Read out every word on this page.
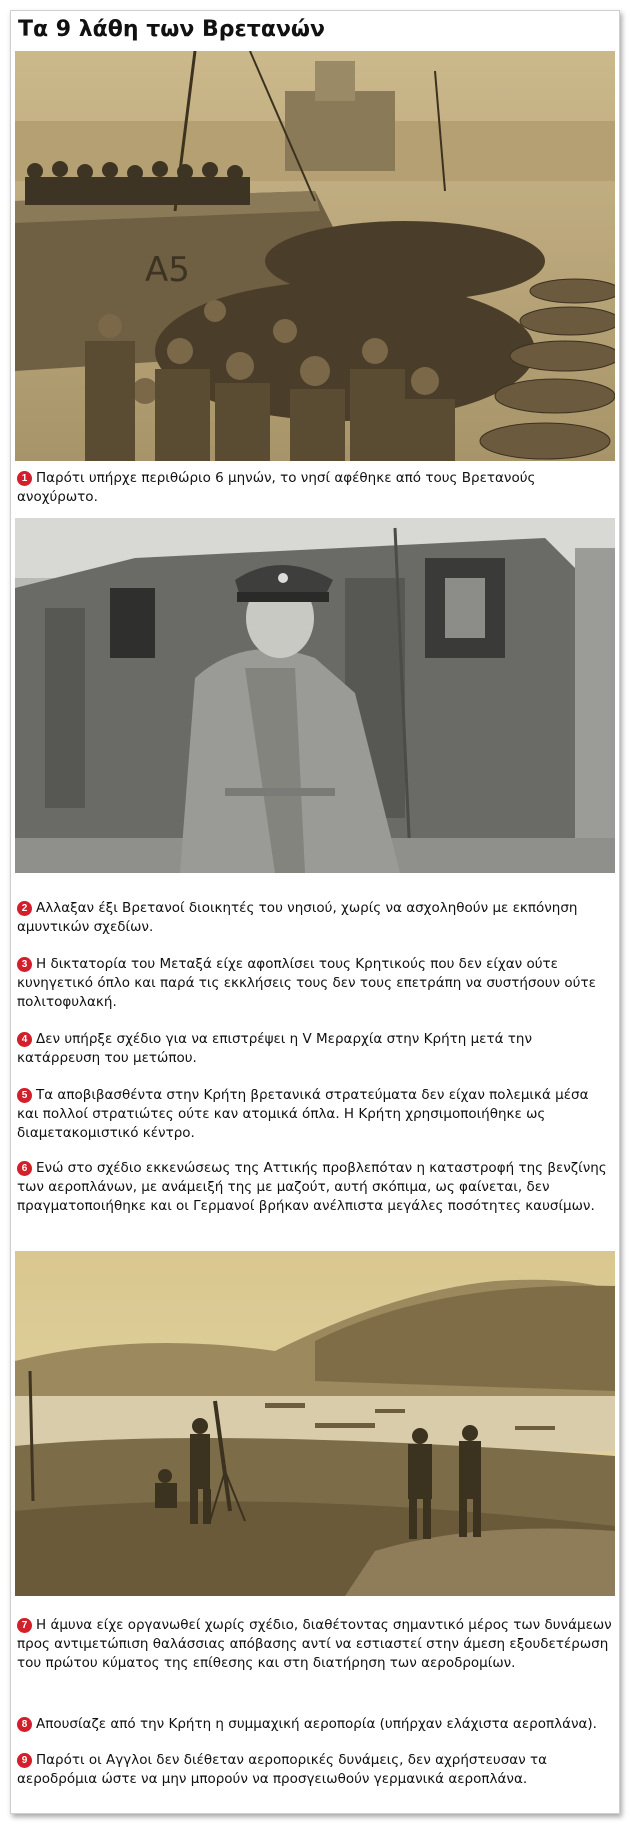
Τα 9 λάθη των Βρετανών
A5

1 Παρότι υπήρχε περιθώριο 6 μηνών, το νησί αφέθηκε από τους Βρετανούς ανοχύρωτο.

2 Αλλαξαν έξι Βρετανοί διοικητές του νησιού, χωρίς να ασχοληθούν με εκπόνηση αμυντικών σχεδίων.

3 Η δικτατορία του Μεταξά είχε αφοπλίσει τους Κρητικούς που δεν είχαν ούτε κυνηγετικό όπλο και παρά τις εκκλήσεις τους δεν τους επετράπη να συστήσουν ούτε πολιτοφυλακή.

4 Δεν υπήρξε σχέδιο για να επιστρέψει η V Μεραρχία στην Κρήτη μετά την κατάρρευση του μετώπου.

5 Τα αποβιβασθέντα στην Κρήτη βρετανικά στρατεύματα δεν είχαν πολεμικά μέσα και πολλοί στρατιώτες ούτε καν ατομικά όπλα. Η Κρήτη χρησιμοποιήθηκε ως διαμετακομιστικό κέντρο.

6 Ενώ στο σχέδιο εκκενώσεως της Αττικής προβλεπόταν η καταστροφή της βενζίνης των αεροπλάνων, με ανάμειξή της με μαζούτ, αυτή σκόπιμα, ως φαίνεται, δεν πραγματοποιήθηκε και οι Γερμανοί βρήκαν ανέλπιστα μεγάλες ποσότητες καυσίμων.

7 Η άμυνα είχε οργανωθεί χωρίς σχέδιο, διαθέτοντας σημαντικό μέρος των δυνάμεων προς αντιμετώπιση θαλάσσιας απόβασης αντί να εστιαστεί στην άμεση εξουδετέρωση του πρώτου κύματος της επίθεσης και στη διατήρηση των αεροδρομίων.

8 Απουσίαζε από την Κρήτη η συμμαχική αεροπορία (υπήρχαν ελάχιστα αεροπλάνα).

9 Παρότι οι Αγγλοι δεν διέθεταν αεροπορικές δυνάμεις, δεν αχρήστευσαν τα αεροδρόμια ώστε να μην μπορούν να προσγειωθούν γερμανικά αεροπλάνα.
